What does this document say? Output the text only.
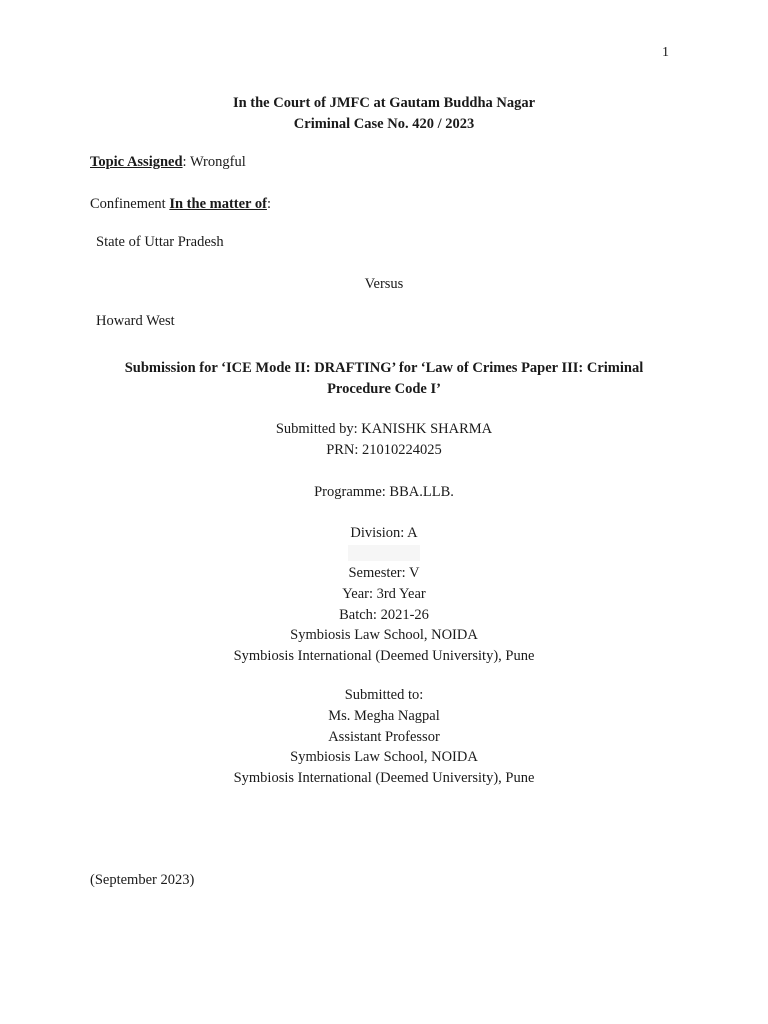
1
In the Court of JMFC at Gautam Buddha Nagar
Criminal Case No. 420 / 2023
Topic Assigned: Wrongful
Confinement In the matter of:
State of Uttar Pradesh
Versus
Howard West
Submission for ‘ICE Mode II: DRAFTING’ for ‘Law of Crimes Paper III: Criminal
Procedure Code I’
Submitted by: KANISHK SHARMA
PRN: 21010224025
Programme: BBA.LLB.
Division: A
Semester: V
Year: 3rd Year
Batch: 2021-26
Symbiosis Law School, NOIDA
Symbiosis International (Deemed University), Pune
Submitted to:
Ms. Megha Nagpal
Assistant Professor
Symbiosis Law School, NOIDA
Symbiosis International (Deemed University), Pune
(September 2023)
